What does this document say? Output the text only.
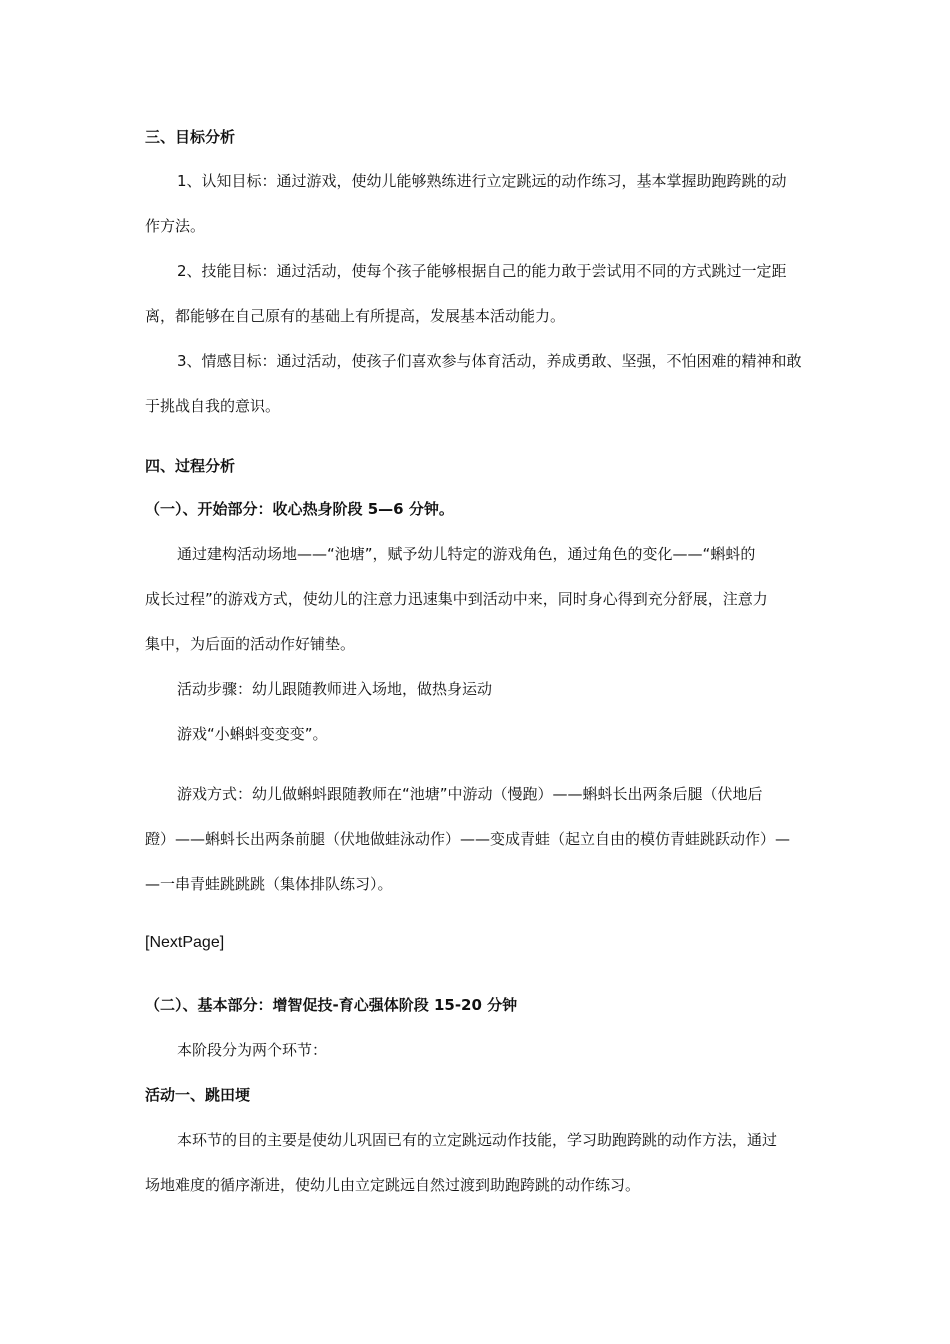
三、目标分析
1、认知目标：通过游戏，使幼儿能够熟练进行立定跳远的动作练习，基本掌握助跑跨跳的动
作方法。
2、技能目标：通过活动，使每个孩子能够根据自己的能力敢于尝试用不同的方式跳过一定距
离，都能够在自己原有的基础上有所提高，发展基本活动能力。
3、情感目标：通过活动，使孩子们喜欢参与体育活动，养成勇敢、坚强，不怕困难的精神和敢
于挑战自我的意识。
四、过程分析
（一）、开始部分：收心热身阶段 5—6 分钟。
通过建构活动场地——“池塘”，赋予幼儿特定的游戏角色，通过角色的变化——“蝌蚪的
成长过程”的游戏方式，使幼儿的注意力迅速集中到活动中来，同时身心得到充分舒展，注意力
集中，为后面的活动作好铺垫。
活动步骤：幼儿跟随教师进入场地，做热身运动
游戏“小蝌蚪变变变”。
游戏方式：幼儿做蝌蚪跟随教师在“池塘”中游动（慢跑）——蝌蚪长出两条后腿（伏地后
蹬）——蝌蚪长出两条前腿（伏地做蛙泳动作）——变成青蛙（起立自由的模仿青蛙跳跃动作）—
—一串青蛙跳跳跳（集体排队练习）。
[NextPage]
（二）、基本部分：增智促技-育心强体阶段 15-20 分钟
本阶段分为两个环节：
活动一、跳田埂
本环节的目的主要是使幼儿巩固已有的立定跳远动作技能，学习助跑跨跳的动作方法，通过
场地难度的循序渐进，使幼儿由立定跳远自然过渡到助跑跨跳的动作练习。
